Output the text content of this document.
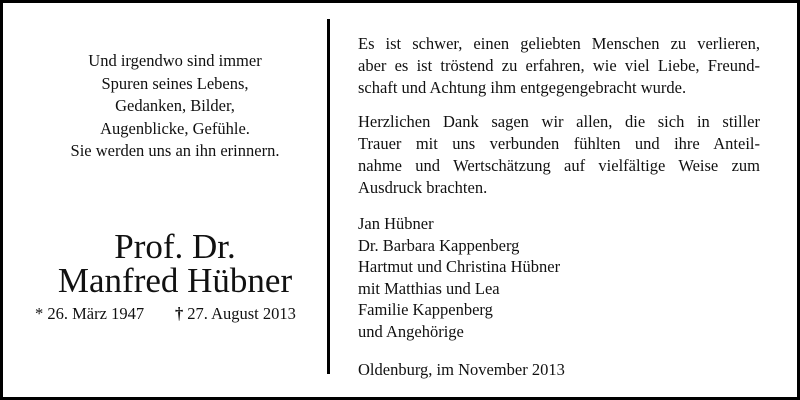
Und irgendwo sind immer
Spuren seines Lebens,
Gedanken, Bilder,
Augenblicke, Gefühle.
Sie werden uns an ihn erinnern.
Prof. Dr.
Manfred Hübner
* 26. März 1947 † 27. August 2013

Es ist schwer, einen geliebten Menschen zu verlieren,
aber es ist tröstend zu erfahren, wie viel Liebe, Freund-
schaft und Achtung ihm entgegengebracht wurde.

Herzlichen Dank sagen wir allen, die sich in stiller
Trauer mit uns verbunden fühlten und ihre Anteil-
nahme und Wertschätzung auf vielfältige Weise zum
Ausdruck brachten.

Jan Hübner
Dr. Barbara Kappenberg
Hartmut und Christina Hübner
mit Matthias und Lea
Familie Kappenberg
und Angehörige
Oldenburg, im November 2013
